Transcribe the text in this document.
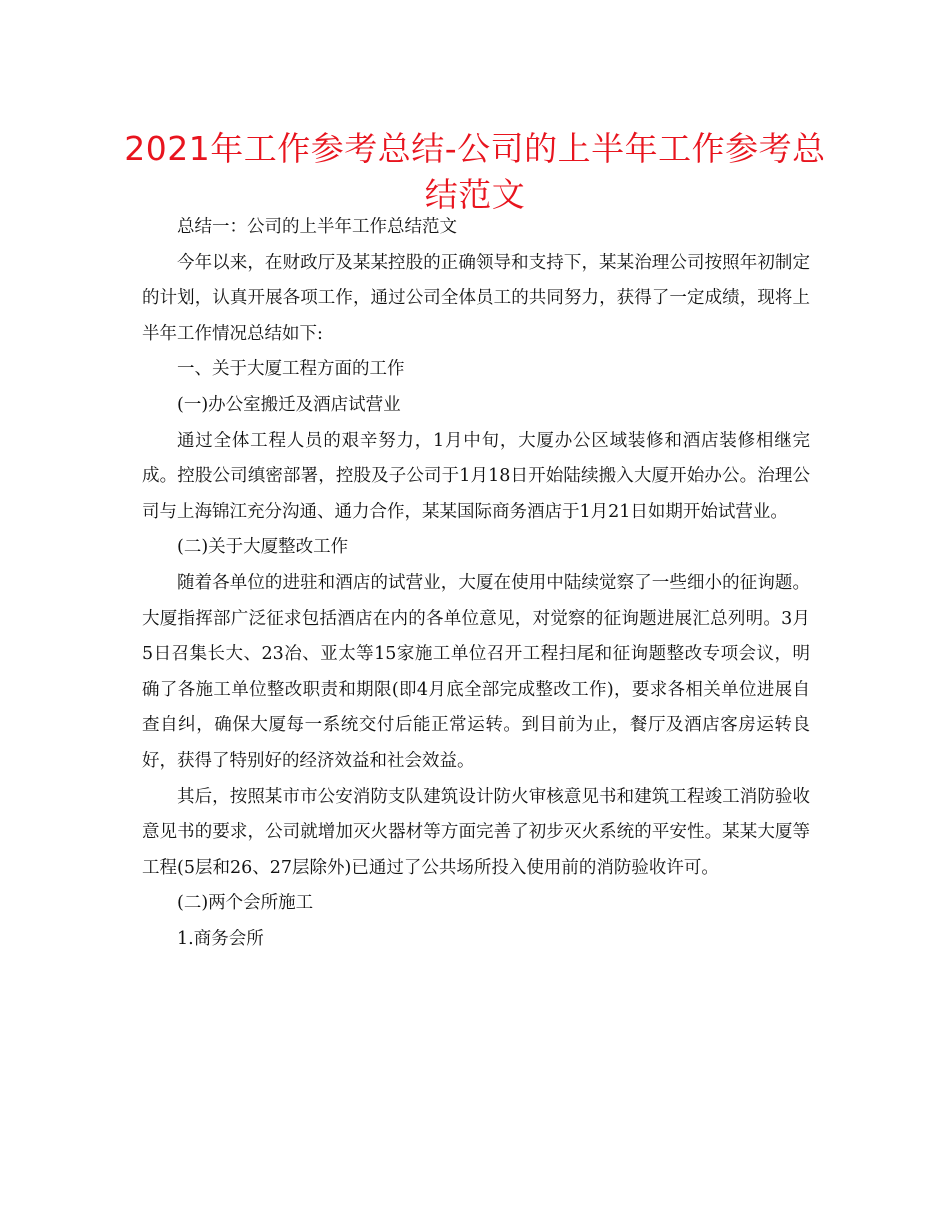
2021年工作参考总结-公司的上半年工作参考总结范文

总结一：公司的上半年工作总结范文

今年以来，在财政厅及某某控股的正确领导和支持下，某某治理公司按照年初制定的计划，认真开展各项工作，通过公司全体员工的共同努力，获得了一定成绩，现将上半年工作情况总结如下:

一、关于大厦工程方面的工作

(一)办公室搬迁及酒店试营业

通过全体工程人员的艰辛努力，1月中旬，大厦办公区域装修和酒店装修相继完成。控股公司缜密部署，控股及子公司于1月18日开始陆续搬入大厦开始办公。治理公司与上海锦江充分沟通、通力合作，某某国际商务酒店于1月21日如期开始试营业。

(二)关于大厦整改工作

随着各单位的进驻和酒店的试营业，大厦在使用中陆续觉察了一些细小的征询题。大厦指挥部广泛征求包括酒店在内的各单位意见，对觉察的征询题进展汇总列明。3月5日召集长大、23冶、亚太等15家施工单位召开工程扫尾和征询题整改专项会议，明确了各施工单位整改职责和期限(即4月底全部完成整改工作)，要求各相关单位进展自查自纠，确保大厦每一系统交付后能正常运转。到目前为止，餐厅及酒店客房运转良好，获得了特别好的经济效益和社会效益。

其后，按照某市市公安消防支队建筑设计防火审核意见书和建筑工程竣工消防验收意见书的要求，公司就增加灭火器材等方面完善了初步灭火系统的平安性。某某大厦等工程(5层和26、27层除外)已通过了公共场所投入使用前的消防验收许可。

(二)两个会所施工

1.商务会所
